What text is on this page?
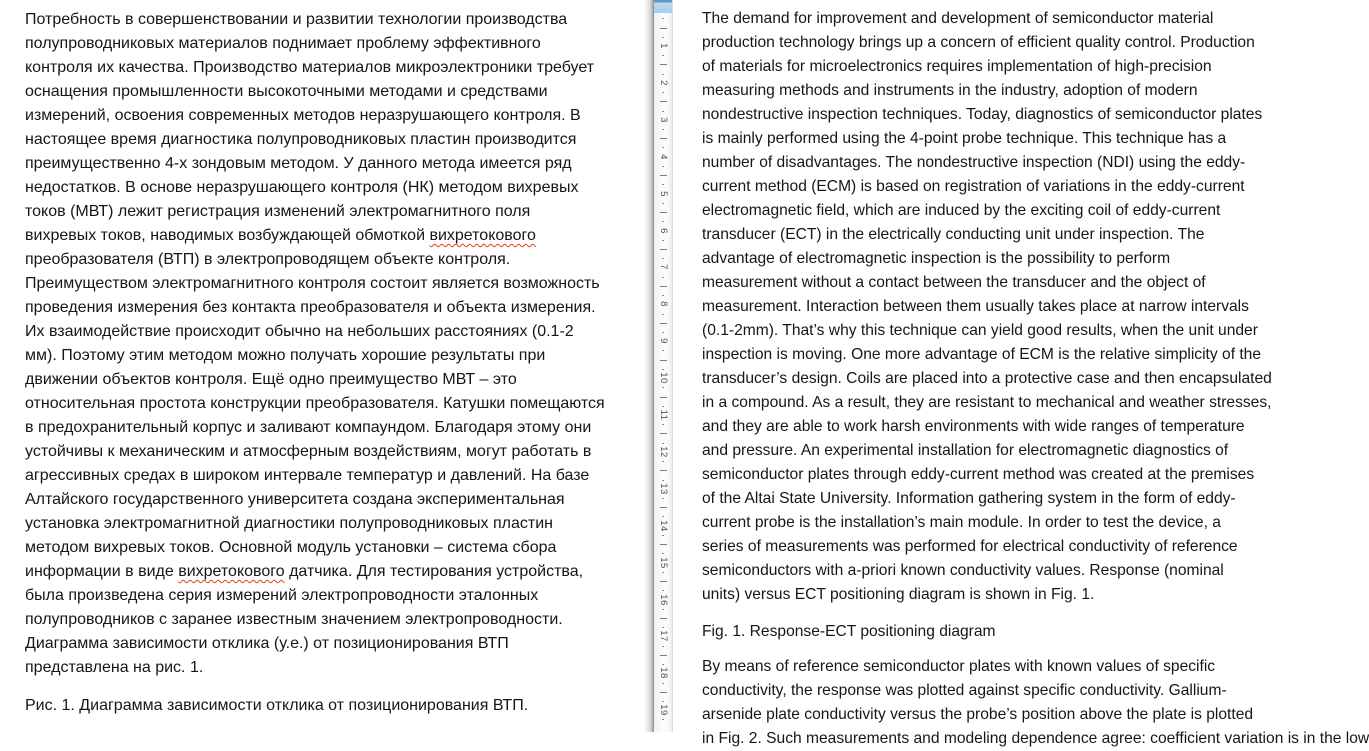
Потребность в совершенствовании и развитии технологии производства
полупроводниковых материалов поднимает проблему эффективного
контроля их качества. Производство материалов микроэлектроники требует
оснащения промышленности высокоточными методами и средствами
измерений, освоения современных методов неразрушающего контроля. В
настоящее время диагностика полупроводниковых пластин производится
преимущественно 4-х зондовым методом. У данного метода имеется ряд
недостатков. В основе неразрушающего контроля (НК) методом вихревых
токов (МВТ) лежит регистрация изменений электромагнитного поля
вихревых токов, наводимых возбуждающей обмоткой вихретокового
преобразователя (ВТП) в электропроводящем объекте контроля.
Преимуществом электромагнитного контроля состоит является возможность
проведения измерения без контакта преобразователя и объекта измерения.
Их взаимодействие происходит обычно на небольших расстояниях (0.1-2
мм). Поэтому этим методом можно получать хорошие результаты при
движении объектов контроля. Ещё одно преимущество МВТ – это
относительная простота конструкции преобразователя. Катушки помещаются
в предохранительный корпус и заливают компаундом. Благодаря этому они
устойчивы к механическим и атмосферным воздействиям, могут работать в
агрессивных средах в широком интервале температур и давлений. На базе
Алтайского государственного университета создана экспериментальная
установка электромагнитной диагностики полупроводниковых пластин
методом вихревых токов. Основной модуль установки – система сбора
информации в виде вихретокового датчика. Для тестирования устройства,
была произведена серия измерений электропроводности эталонных
полупроводников с заранее известным значением электропроводности.
Диаграмма зависимости отклика (у.е.) от позиционирования ВТП
представлена на рис. 1.
Рис. 1. Диаграмма зависимости отклика от позиционирования ВТП.
1
2
3
4
5
6
7
8
9
10
11
12
13
14
15
16
17
18
19
The demand for improvement and development of semiconductor material
production technology brings up a concern of efficient quality control. Production
of materials for microelectronics requires implementation of high-precision
measuring methods and instruments in the industry, adoption of modern
nondestructive inspection techniques. Today, diagnostics of semiconductor plates
is mainly performed using the 4-point probe technique. This technique has a
number of disadvantages. The nondestructive inspection (NDI) using the eddy-
current method (ECM) is based on registration of variations in the eddy-current
electromagnetic field, which are induced by the exciting coil of eddy-current
transducer (ECT) in the electrically conducting unit under inspection. The
advantage of electromagnetic inspection is the possibility to perform
measurement without a contact between the transducer and the object of
measurement. Interaction between them usually takes place at narrow intervals
(0.1-2mm). That’s why this technique can yield good results, when the unit under
inspection is moving. One more advantage of ECM is the relative simplicity of the
transducer’s design. Coils are placed into a protective case and then encapsulated
in a compound. As a result, they are resistant to mechanical and weather stresses,
and they are able to work harsh environments with wide ranges of temperature
and pressure. An experimental installation for electromagnetic diagnostics of
semiconductor plates through eddy-current method was created at the premises
of the Altai State University. Information gathering system in the form of eddy-
current probe is the installation’s main module. In order to test the device, a
series of measurements was performed for electrical conductivity of reference
semiconductors with a-priori known conductivity values. Response (nominal
units) versus ECT positioning diagram is shown in Fig. 1.
Fig. 1. Response-ECT positioning diagram
By means of reference semiconductor plates with known values of specific
conductivity, the response was plotted against specific conductivity. Gallium-
arsenide plate conductivity versus the probe’s position above the plate is plotted
in Fig. 2. Such measurements and modeling dependence agree: coefficient variation is in the low
